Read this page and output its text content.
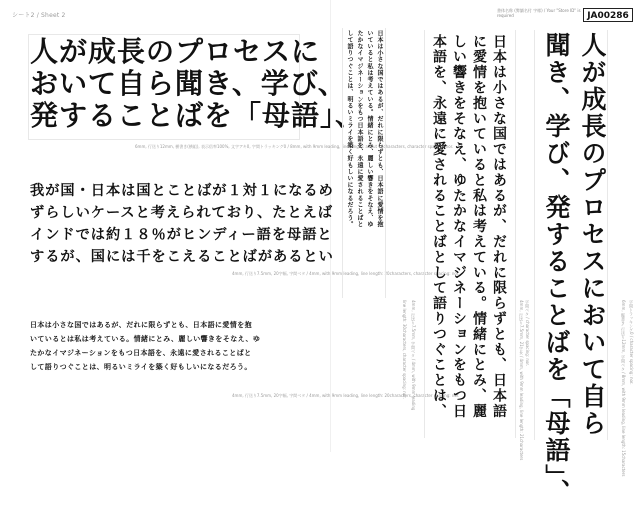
シート2 / Sheet 2
書体名称 (弊舗名付 字様) / Your "Store ID" is required	JA00286
人が成長のプロセスに
おいて自ら聞き、学び、
発することばを「母語」、
6mm, 行送り12mm, 横書き(横組), 表示倍率100%, 文字アキ0, 字間トラッキング0 / 8mm, with 9mm leading, line length: about 14characters, character spacing: nor.
我が国・日本は国とことばが１対１になるめ
ずらしいケースと考えられており、たとえば
インドでは約１８％がヒンディー語を母語と
するが、国には千をこえることばがあるとい
4mm, 行送り7.5mm, 20字幅, 字間ベタ / 4mm, with 9mm leading, line length: 20characters, character spacing: nor.
日本は小さな国ではあるが、だれに限らずとも、日本語に愛情を抱
いているとは私は考えている。情緒にとみ、麗しい響きをそなえ、ゆ
たかなイマジネーションをもつ日本語を、永遠に愛されることばと
して語りつぐことは、明るいミライを築く好もしいになるだろう。
4mm, 行送り7.5mm, 20字幅, 字間ベタ / 4mm, with 9mm leading, line length: 20characters, character spacing: nor.
日本は小さな国ではあるが、だれに限らずとも、日本語に愛情を抱
いていると私は考えている。情緒にとみ、麗しい響きをそなえ、ゆ
たかなイマジネーションをもつ日本語を、永遠に愛されることばと
して語りつぐことは、明るいミライを築く好もしいになるだろう。
4mm, 行送り7.5mm, 字間ベタ / 4mm, with 9mm leading
line length: 30characters, character spacing: nor.	日本は小さな国ではあるが、だれに限らずとも、日本語
に愛情を抱いていると私は考えている。情緒にとみ、麗
しい響きをそなえ、ゆたかなイマジネーションをもつ日
本語を、永遠に愛されることばとして語りつぐことは、	4mm, 行送り7.5mm, 21字長 / 4mm, with 9mm leading, line length: 21characters 字間ベタ / character spacing: nor. 人が成長のプロセスにおいて自ら
聞き、学び、発することばを「母語」、	6mm, 縦書き, 行送り12mm, 字間ベタ / 8mm, with 9mm leading, line length: 15characters 字間トラッキング0 / character spacing: nor.
